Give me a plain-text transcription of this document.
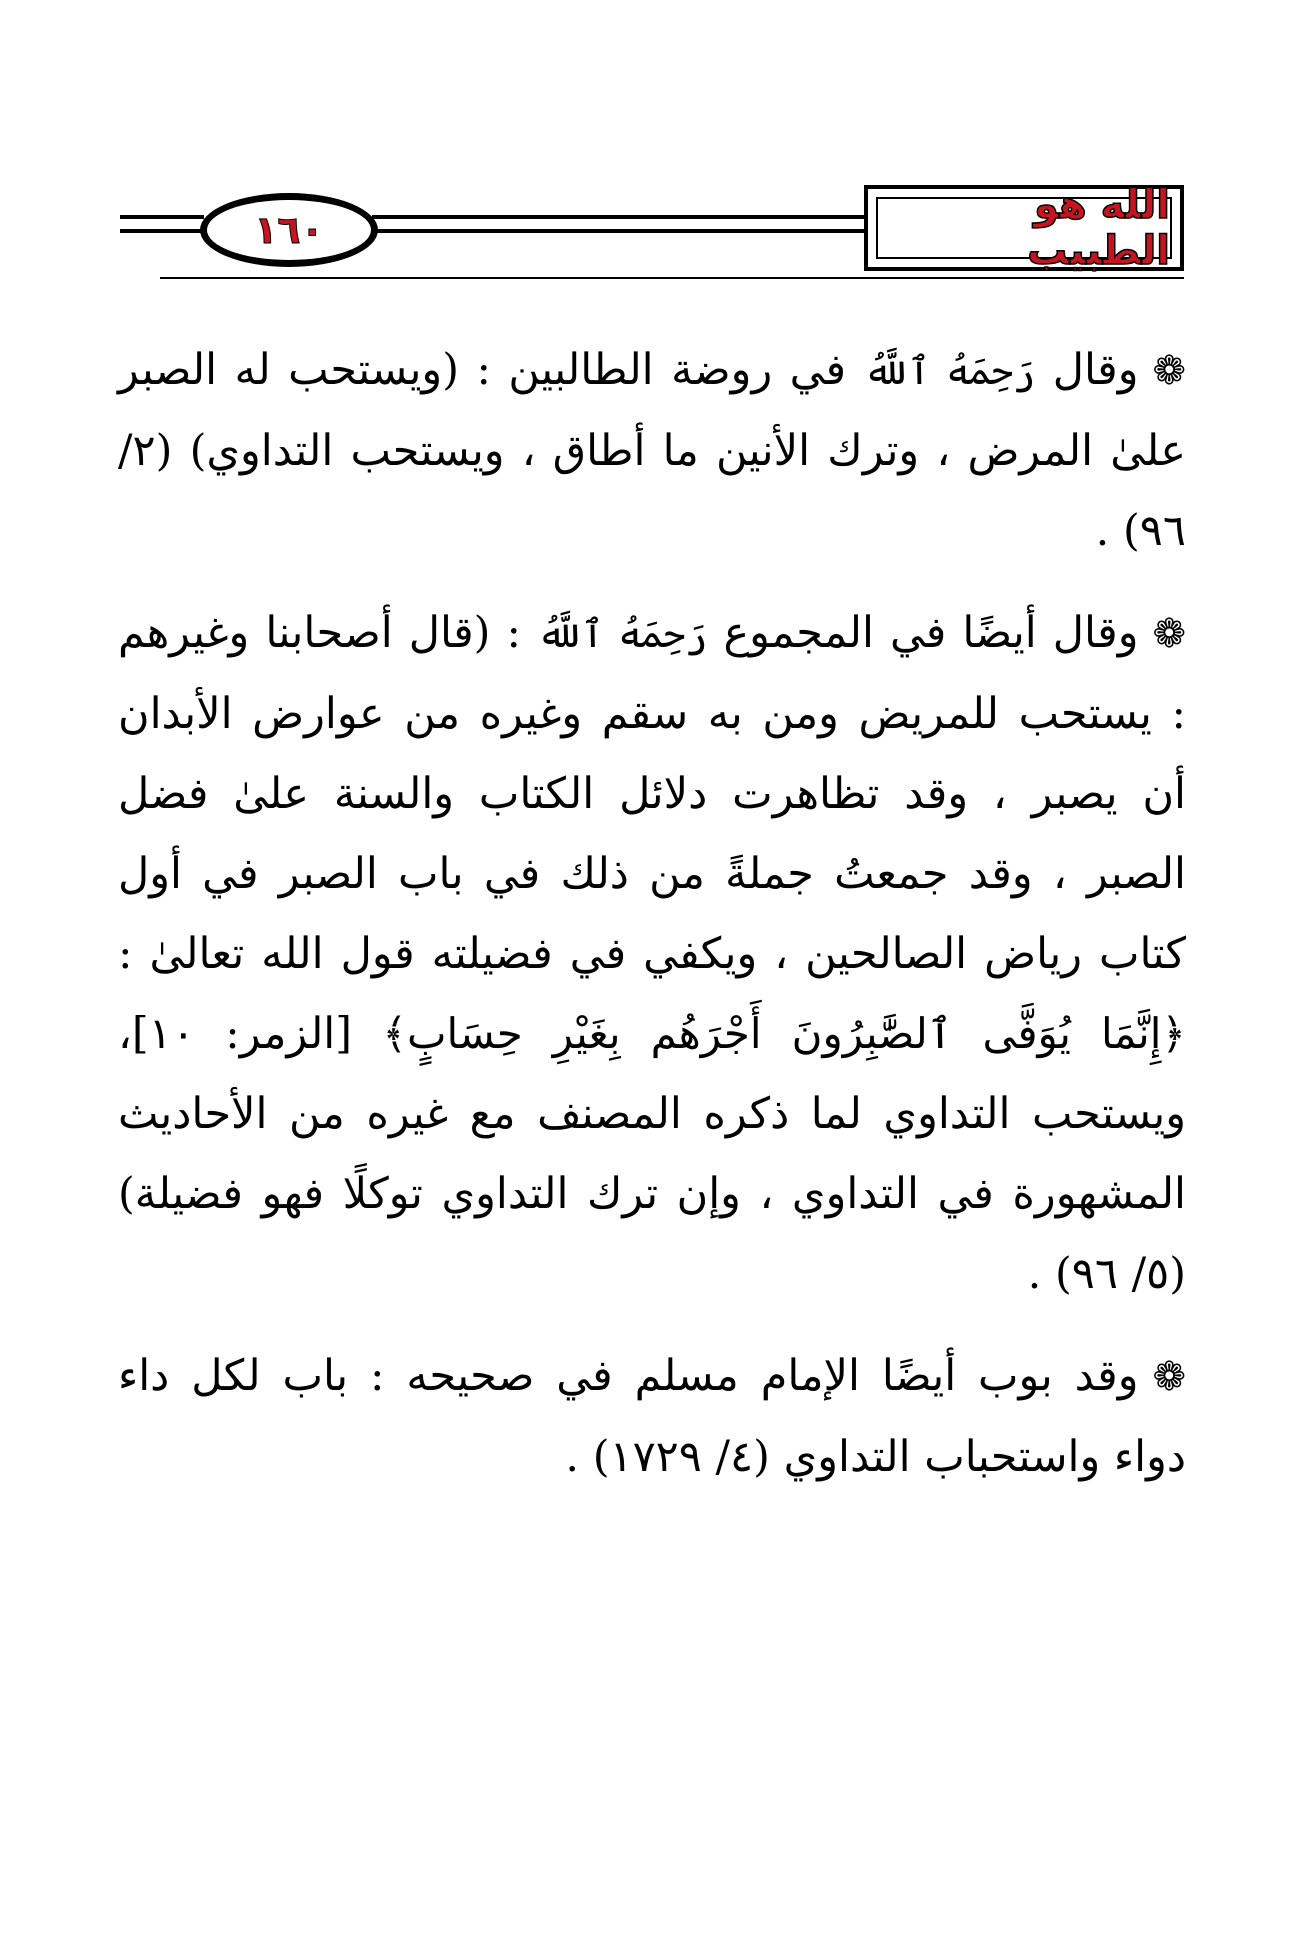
١٦٠
الله هو الطبيب

❁وقال رَحِمَهُ ٱللَّهُ في روضة الطالبين : (ويستحب له الصبر علىٰ المرض ، وترك الأنين ما أطاق ، ويستحب التداوي) (٢/ ٩٦) .

❁وقال أيضًا في المجموع رَحِمَهُ ٱللَّهُ : (قال أصحابنا وغيرهم : يستحب للمريض ومن به سقم وغيره من عوارض الأبدان أن يصبر ، وقد تظاهرت دلائل الكتاب والسنة علىٰ فضل الصبر ، وقد جمعتُ جملةً من ذلك في باب الصبر في أول كتاب رياض الصالحين ، ويكفي في فضيلته قول الله تعالىٰ : ﴿إِنَّمَا يُوَفَّى ٱلصَّٰبِرُونَ أَجْرَهُم بِغَيْرِ حِسَابٍ﴾ [الزمر: ١٠]، ويستحب التداوي لما ذكره المصنف مع غيره من الأحاديث المشهورة في التداوي ، وإن ترك التداوي توكلًا فهو فضيلة) (٥/ ٩٦) .

❁وقد بوب أيضًا الإمام مسلم في صحيحه : باب لكل داء دواء واستحباب التداوي (٤/ ١٧٢٩) .
